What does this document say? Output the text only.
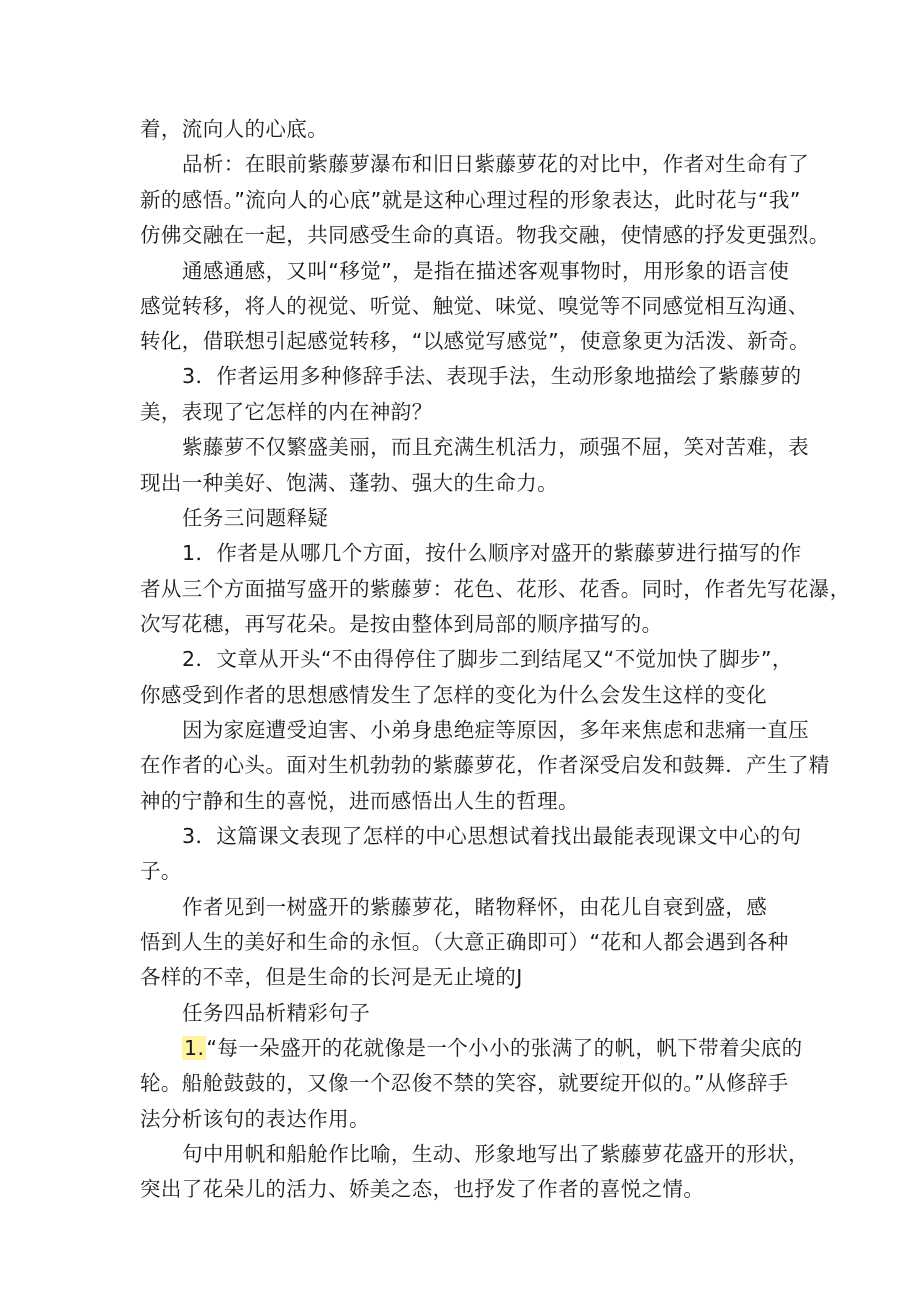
着，流向人的心底。
品析：在眼前紫藤萝瀑布和旧日紫藤萝花的对比中，作者对生命有了
新的感悟。”流向人的心底”就是这种心理过程的形象表达，此时花与“我”
仿佛交融在一起，共同感受生命的真语。物我交融，使情感的抒发更强烈。
通感通感，又叫“移觉”，是指在描述客观事物时，用形象的语言使
感觉转移，将人的视觉、听觉、触觉、味觉、嗅觉等不同感觉相互沟通、
转化，借联想引起感觉转移，“以感觉写感觉”，使意象更为活泼、新奇。
3．作者运用多种修辞手法、表现手法，生动形象地描绘了紫藤萝的
美，表现了它怎样的内在神韵？
紫藤萝不仅繁盛美丽，而且充满生机活力，顽强不屈，笑对苦难，表
现出一种美好、饱满、蓬勃、强大的生命力。
任务三问题释疑
1．作者是从哪几个方面，按什么顺序对盛开的紫藤萝进行描写的作
者从三个方面描写盛开的紫藤萝：花色、花形、花香。同时，作者先写花瀑，
次写花穗，再写花朵。是按由整体到局部的顺序描写的。
2．文章从开头“不由得停住了脚步二到结尾又“不觉加快了脚步”，
你感受到作者的思想感情发生了怎样的变化为什么会发生这样的变化
因为家庭遭受迫害、小弟身患绝症等原因，多年来焦虑和悲痛一直压
在作者的心头。面对生机勃勃的紫藤萝花，作者深受启发和鼓舞．产生了精
神的宁静和生的喜悦，进而感悟出人生的哲理。
3．这篇课文表现了怎样的中心思想试着找出最能表现课文中心的句
子。
作者见到一树盛开的紫藤萝花，睹物释怀，由花儿自衰到盛，感
悟到人生的美好和生命的永恒。（大意正确即可）“花和人都会遇到各种
各样的不幸，但是生命的长河是无止境的J
任务四品析精彩句子
1.“每一朵盛开的花就像是一个小小的张满了的帆，帆下带着尖底的
轮。船舱鼓鼓的，又像一个忍俊不禁的笑容，就要绽开似的。”从修辞手
法分析该句的表达作用。
句中用帆和船舱作比喻，生动、形象地写出了紫藤萝花盛开的形状，
突出了花朵儿的活力、娇美之态，也抒发了作者的喜悦之情。
